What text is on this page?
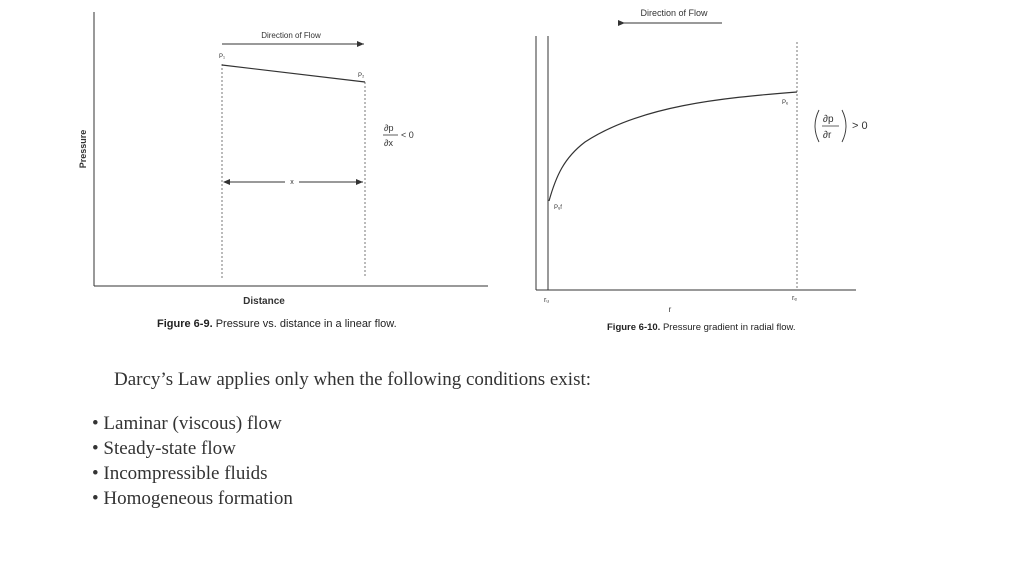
Pressure
Distance
Direction of Flow
P₁
P₂
x
∂p
∂x
< 0
Direction of Flow
Pₑ
Pᵤf
rᵤ	rₑ
r
∂p
∂r
> 0
Figure 6-9. Pressure vs. distance in a linear flow.	Figure 6-10. Pressure gradient in radial flow.
Darcy’s Law applies only when the following conditions exist:
• Laminar (viscous) flow
• Steady-state flow
• Incompressible fluids
• Homogeneous formation
